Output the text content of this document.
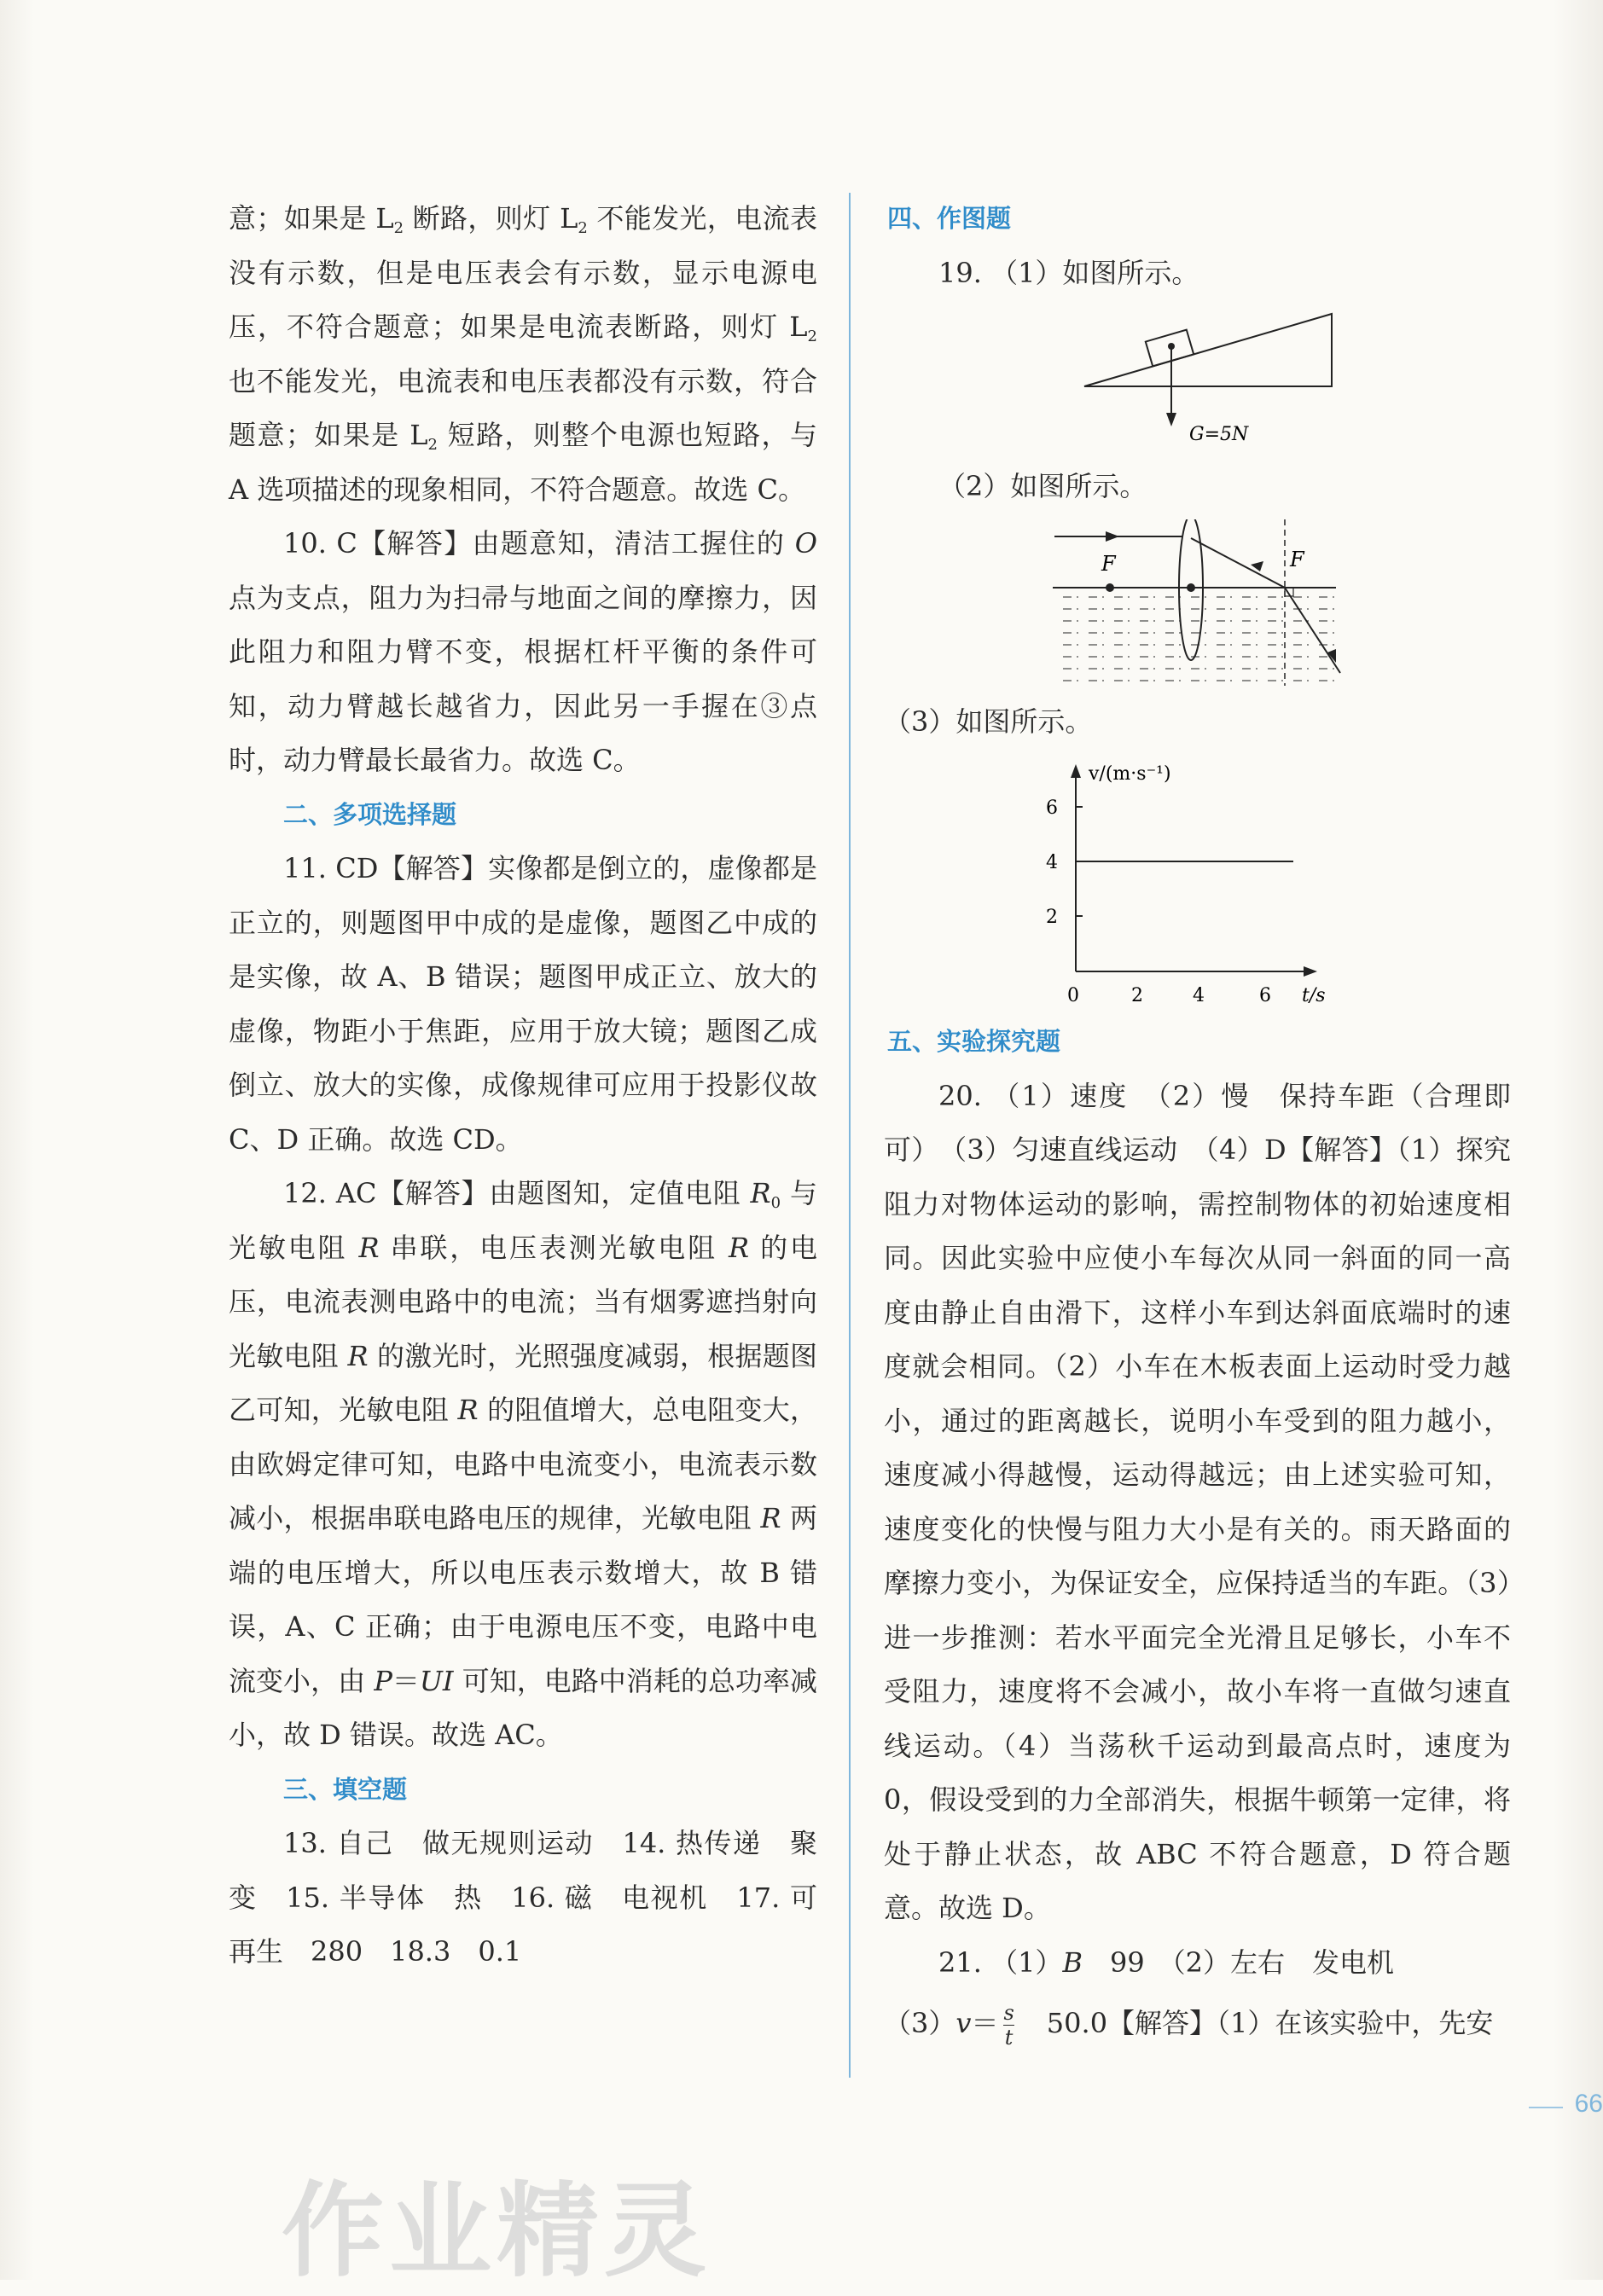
意；如果是 $L_2$ 断路，则灯 $L_2$ 不能发光，电流表没有示数，但是电压表会有示数，显示电源电压，不符合题意；如果是电流表断路，则灯 $L_2$ 也不能发光，电流表和电压表都没有示数，符合题意；如果是 $L_2$ 短路，则整个电源也短路，与 A 选项描述的现象相同，不符合题意。故选 C。

10. C【解答】由题意知，清洁工握住的 O 点为支点，阻力为扫帚与地面之间的摩擦力，因此阻力和阻力臂不变，根据杠杆平衡的条件可知，动力臂越长越省力，因此另一手握在③点时，动力臂最长最省力。故选 C。

二、多项选择题

11. CD【解答】实像都是倒立的，虚像都是正立的，则题图甲中成的是虚像，题图乙中成的是实像，故 A、B 错误；题图甲成正立、放大的虚像，物距小于焦距，应用于放大镜；题图乙成倒立、放大的实像，成像规律可应用于投影仪故 C、D 正确。故选 CD。

12. AC【解答】由题图知，定值电阻 $R_0$ 与光敏电阻 R 串联，电压表测光敏电阻 R 的电压，电流表测电路中的电流；当有烟雾遮挡射向光敏电阻 R 的激光时，光照强度减弱，根据题图乙可知，光敏电阻 R 的阻值增大，总电阻变大，由欧姆定律可知，电路中电流变小，电流表示数减小，根据串联电路电压的规律，光敏电阻 R 两端的电压增大，所以电压表示数增大，故 B 错误，A、C 正确；由于电源电压不变，电路中电流变小，由 P＝UI 可知，电路中消耗的总功率减小，故 D 错误。故选 AC。

三、填空题

13. 自己　做无规则运动　14. 热传递　聚变　15. 半导体　热　16. 磁　电视机　17. 可再生　280　18.3　0.1

四、作图题

19. （1）如图所示。

G=5N

（2）如图所示。

F	F

（3）如图所示。

v/(m·s⁻¹)
t/s
6
4
2
0	2	4	6

五、实验探究题

20. （1）速度　（2）慢　保持车距（合理即可）　（3）匀速直线运动　（4）D【解答】（1）探究阻力对物体运动的影响，需控制物体的初始速度相同。因此实验中应使小车每次从同一斜面的同一高度由静止自由滑下，这样小车到达斜面底端时的速度就会相同。（2）小车在木板表面上运动时受力越小，通过的距离越长，说明小车受到的阻力越小，速度减小得越慢，运动得越远；由上述实验可知，速度变化的快慢与阻力大小是有关的。雨天路面的摩擦力变小，为保证安全，应保持适当的车距。（3）进一步推测：若水平面完全光滑且足够长，小车不受阻力，速度将不会减小，故小车将一直做匀速直线运动。（4）当荡秋千运动到最高点时，速度为 0，假设受到的力全部消失，根据牛顿第一定律，将处于静止状态，故 ABC 不符合题意，D 符合题意。故选 D。

21. （1）B　99　（2）左右　发电机

$(3)v= \frac{s}{t}$ 　50.0【解答】（1）在该实验中，先安

66
作业精灵
